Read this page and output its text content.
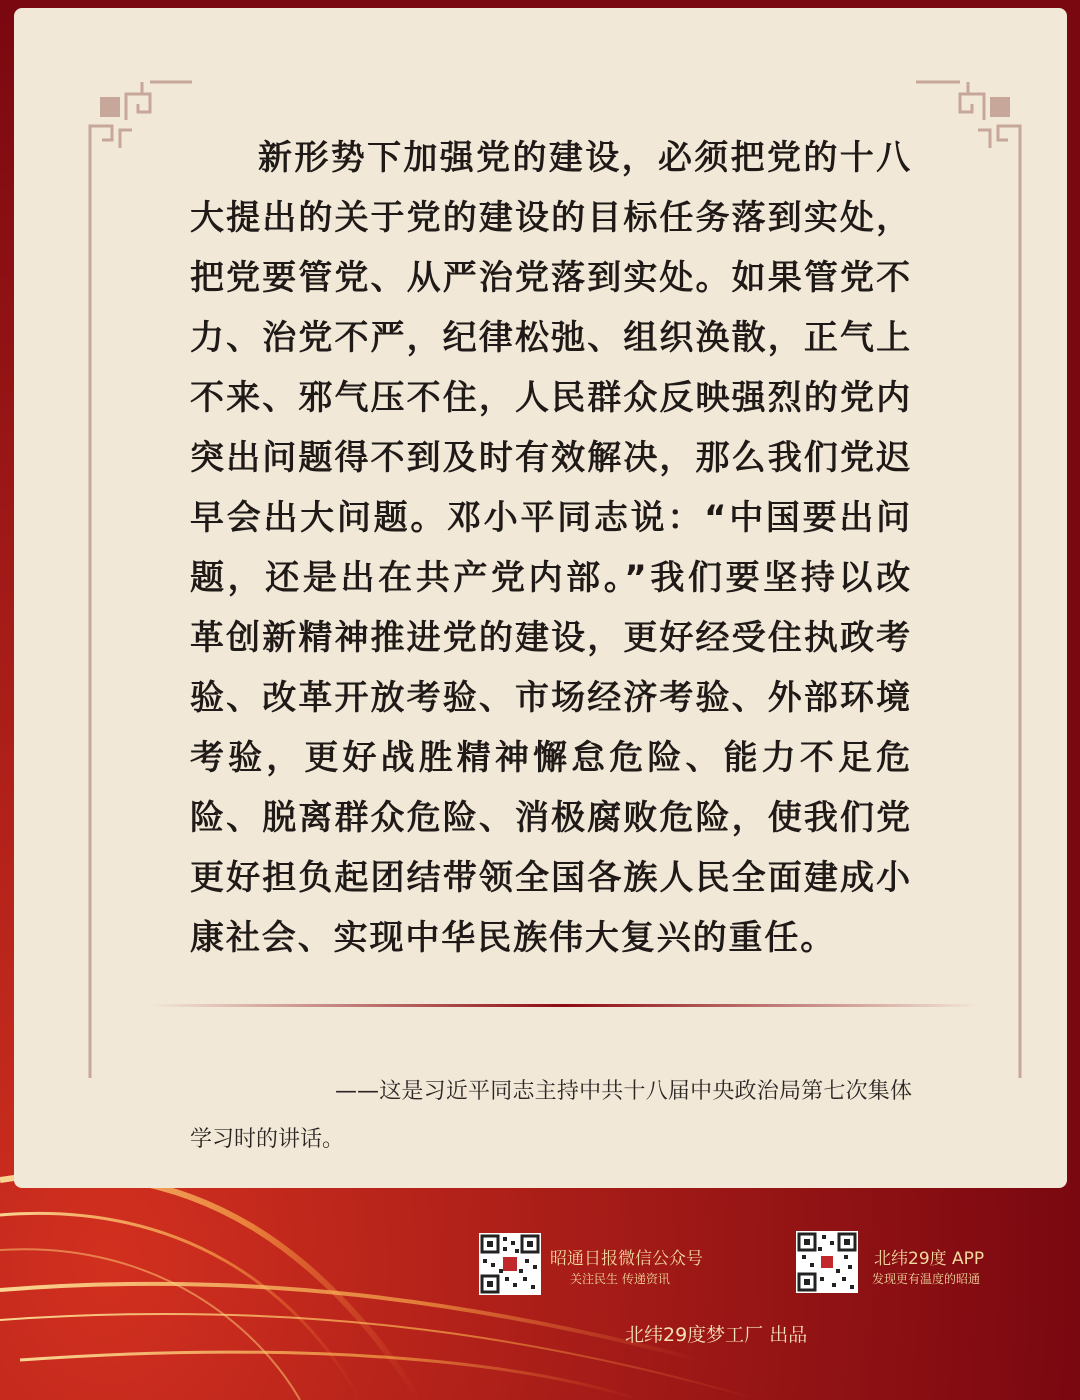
新形势下加强党的建设，必须把党的十八大提出的关于党的建设的目标任务落到实处，把党要管党、从严治党落到实处。如果管党不力、治党不严，纪律松弛、组织涣散，正气上不来、邪气压不住，人民群众反映强烈的党内突出问题得不到及时有效解决，那么我们党迟早会出大问题。邓小平同志说：“中国要出问题，还是出在共产党内部。”我们要坚持以改革创新精神推进党的建设，更好经受住执政考验、改革开放考验、市场经济考验、外部环境考验，更好战胜精神懈怠危险、能力不足危险、脱离群众危险、消极腐败危险，使我们党更好担负起团结带领全国各族人民全面建成小康社会、实现中华民族伟大复兴的重任。
——这是习近平同志主持中共十八届中央政治局第七次集体学习时的讲话。
昭通日报微信公众号
关注民生 传递资讯
北纬29度 APP
发现更有温度的昭通
北纬29度梦工厂 出品
